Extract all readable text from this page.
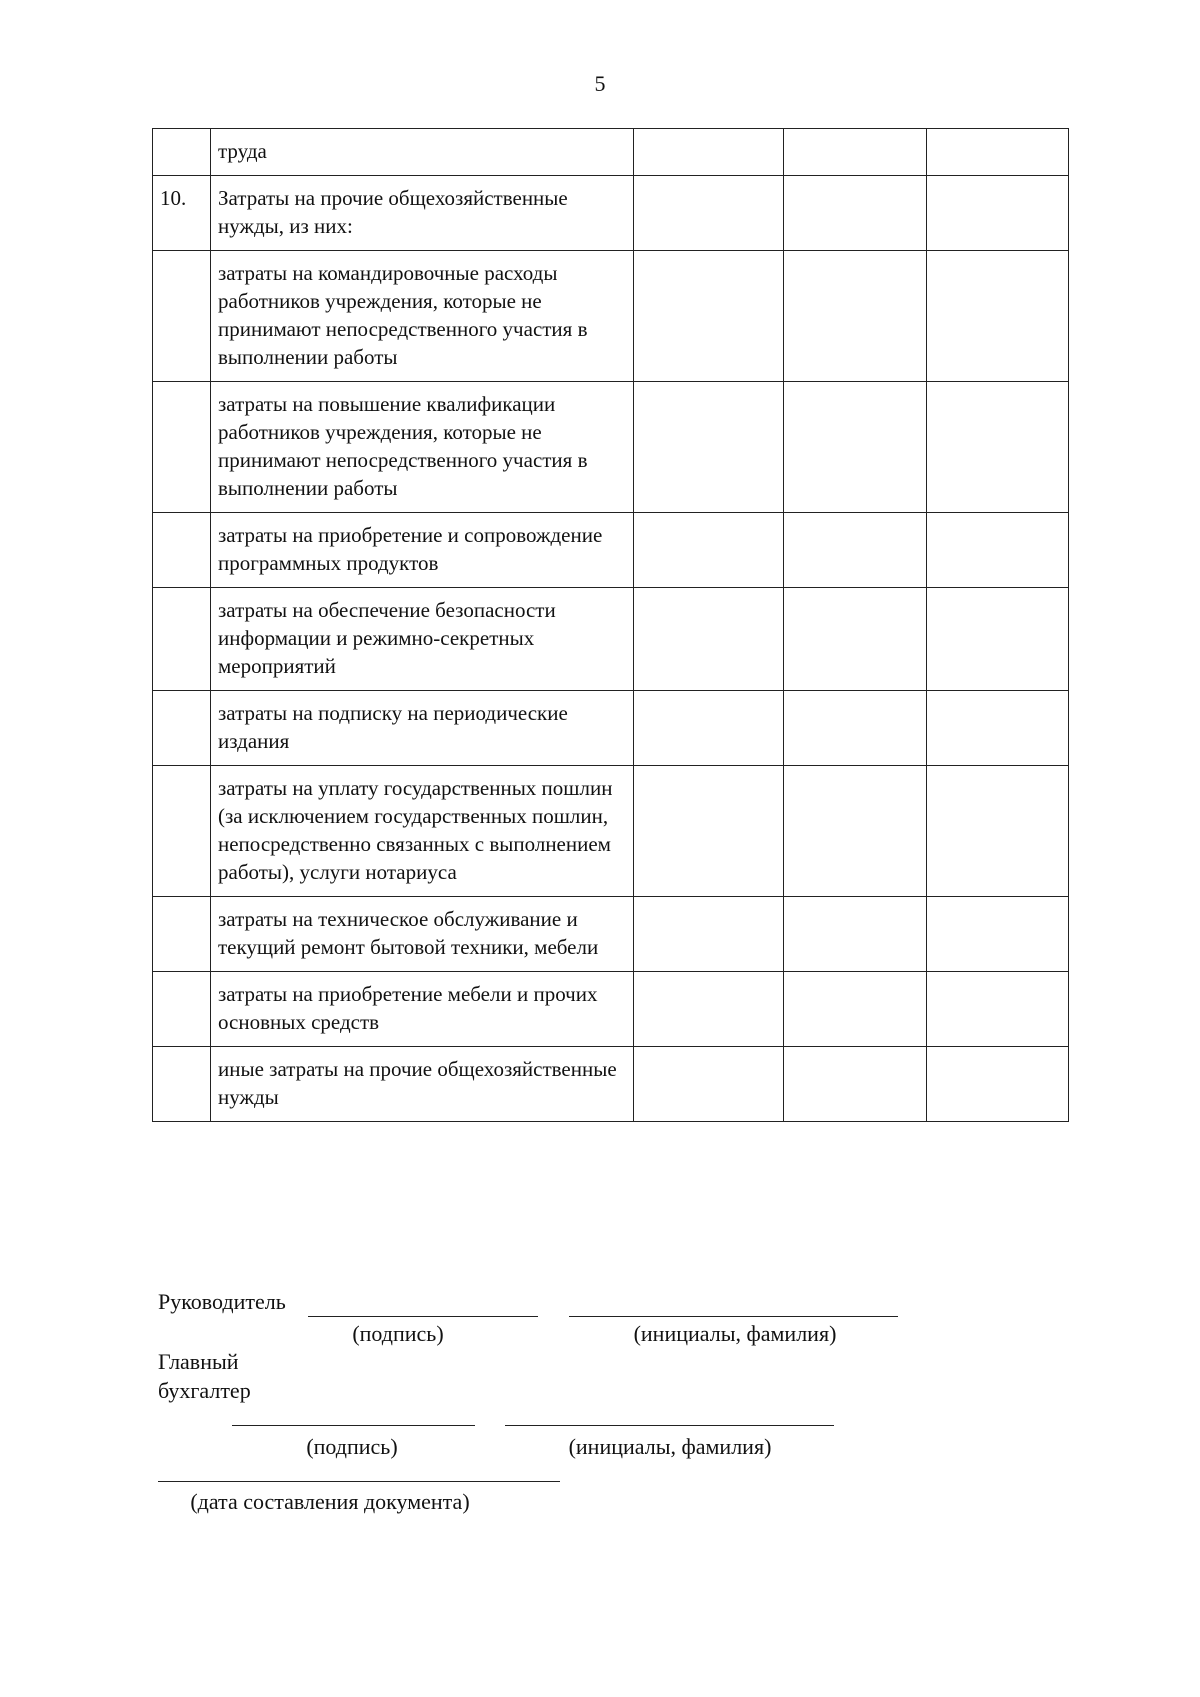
5
	труда			
10.	Затраты на прочие общехозяйственные нужды, из них:			
	затраты на командировочные расходы работников учреждения, которые не принимают непосредственного участия в выполнении работы			
	затраты на повышение квалификации работников учреждения, которые не принимают непосредственного участия в выполнении работы			
	затраты на приобретение и сопровождение программных продуктов			
	затраты на обеспечение безопасности информации и режимно-секретных мероприятий			
	затраты на подписку на периодические издания			
	затраты на уплату государственных пошлин (за исключением государственных пошлин, непосредственно связанных с выполнением работы), услуги нотариуса			
	затраты на техническое обслуживание и текущий ремонт бытовой техники, мебели			
	затраты на приобретение мебели и прочих основных средств			
	иные затраты на прочие общехозяйственные нужды			
Руководитель
(подпись)	(инициалы, фамилия)
Главный
бухгалтер
(подпись)	(инициалы, фамилия)
(дата составления документа)
